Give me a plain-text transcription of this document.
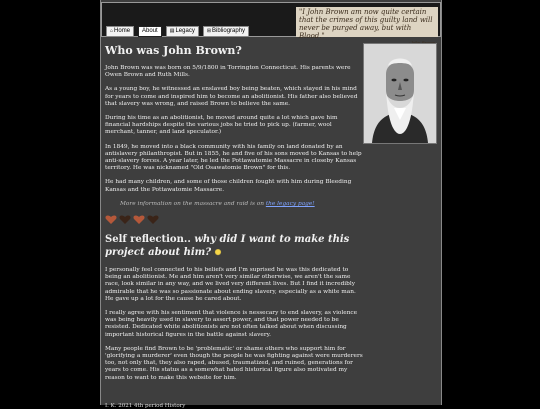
⌂Home	About	▤Legacy	⊞Bibliography
"I John Brown am now quite certain that the crimes of this guilty land will never be purged away, but with Blood."
Who was John Brown?

John Brown was was born on 5/9/1800 in Torrington Connecticut. His parents were Owen Brown and Ruth Mills.

As a young boy, he witnessed an enslaved boy being beaten, which stayed in his mind for years to come and inspired him to become an abolitionist. His father also believed that slavery was wrong, and raised Brown to believe the same.

During his time as an abolitionist, he moved around quite a lot which gave him financial hardships despite the various jobs he tried to pick up. (farmer, wool merchant, tanner, and land speculator.)

In 1849, he moved into a black community with his family on land donated by an antislavery philanthropist. But in 1855, he and five of his sons moved to Kansas to help anti-slavery forces. A year later, he led the Pottawatomie Massacre in closeby Kansas territory. He was nicknamed "Old Osawatomie Brown" for this.

He had many children, and some of those children fought with him during Bleeding Kansas and the Pottawatomie Massacre.

More information on the massacre and raid is on the legacy page!

Self reflection.. why did I want to make this project about him? ✺

I personally feel connected to his beliefs and I'm suprised he was this dedicated to being an abolitionist. Me and him aren't very similar otherwise, we aren't the same race, look similar in any way, and we lived very different lives. But I find it incredibly admirable that he was so passionate about ending slavery, especially as a white man. He gave up a lot for the cause he cared about.

I really agree with his sentiment that violence is nessecary to end slavery, as violence was being heavily used in slavery to assert power, and that power needed to be resisted. Dedicated white abolitionists are not often talked about when discussing important historical figures in the battle against slavery.

Many people find Brown to be 'problematic' or shame others who support him for 'glorifying a murderer' even though the people he was fighting against were murderers too, not only that, they also raped, abused, traumatized, and ruined, generations for years to come. His status as a somewhat hated historical figure also motivated my reason to want to make this website for him.

I. K. 2021 4th period History
